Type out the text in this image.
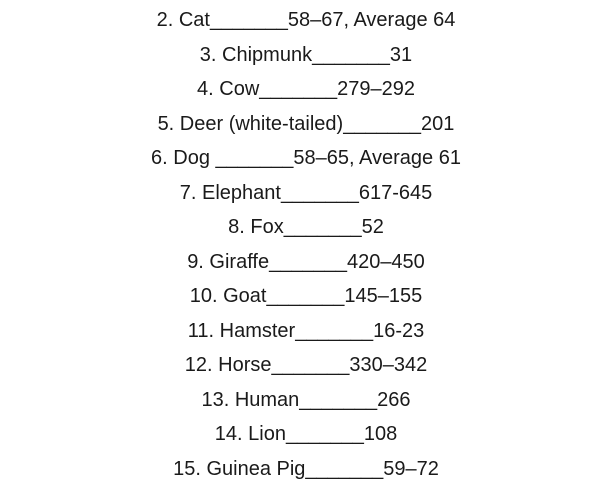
2. Cat_______58–67, Average 64
3. Chipmunk_______31
4. Cow_______279–292
5. Deer (white-tailed)_______201
6. Dog _______58–65, Average 61
7. Elephant_______617-645
8. Fox_______52
9. Giraffe_______420–450
10. Goat_______145–155
11. Hamster_______16-23
12. Horse_______330–342
13. Human_______266
14. Lion_______108
15. Guinea Pig_______59–72
